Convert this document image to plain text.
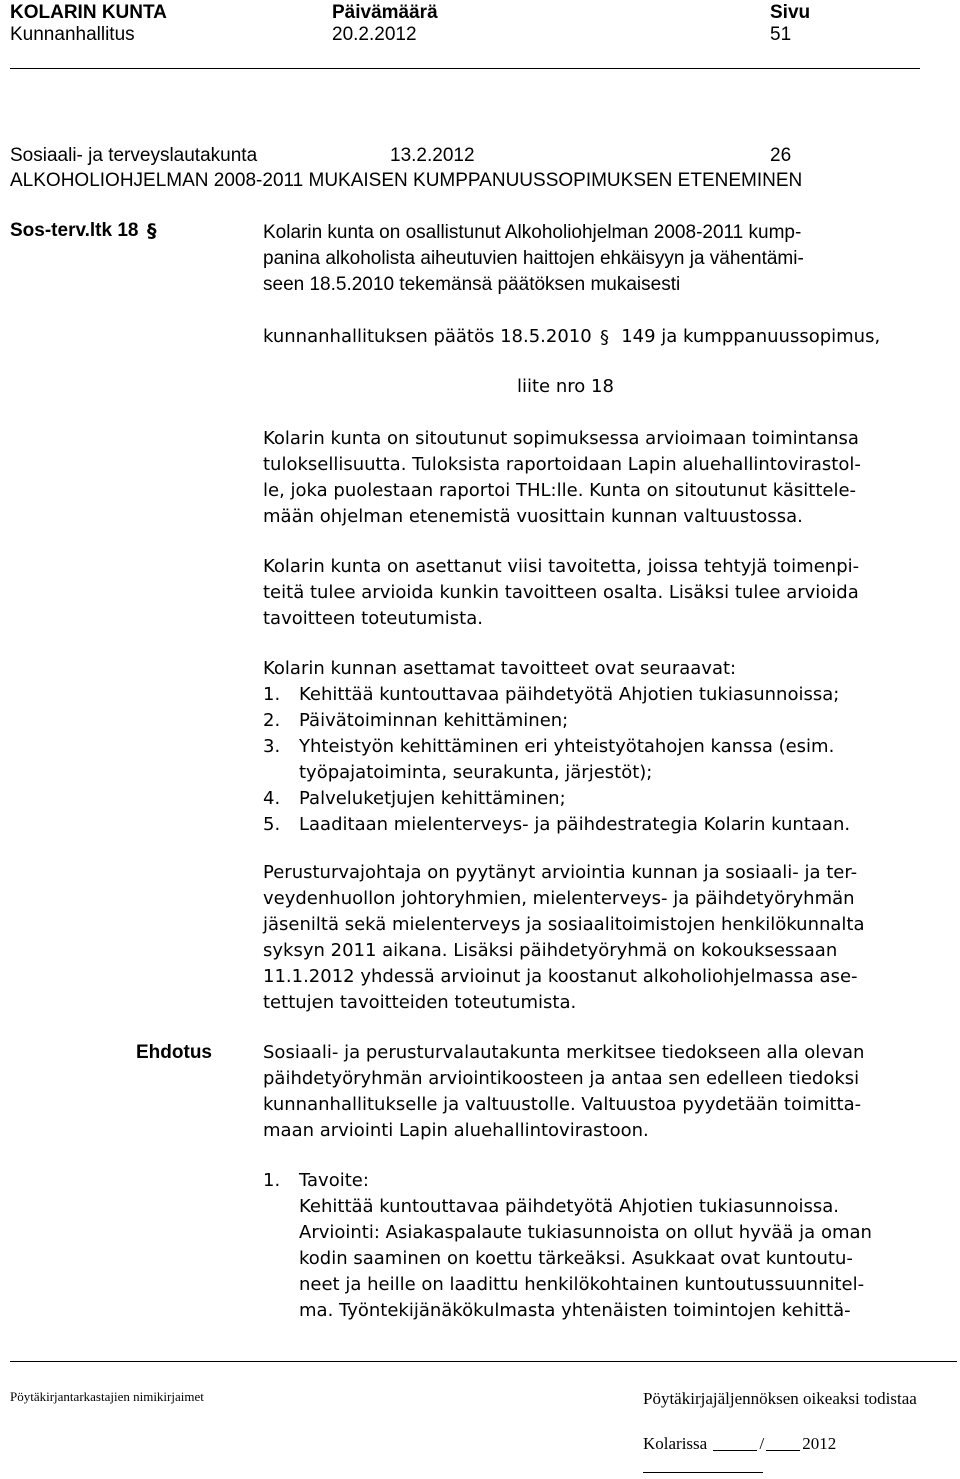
KOLARIN KUNTA	Päivämäärä	Sivu
Kunnanhallitus	20.2.2012	51
Sosiaali- ja terveyslautakunta	13.2.2012	26
ALKOHOLIOHJELMAN 2008-2011 MUKAISEN KUMPPANUUSSOPIMUKSEN ETENEMINEN
Sos-terv.ltk 18 §	Kolarin kunta on osallistunut Alkoholiohjelman 2008-2011 kump-
panina alkoholista aiheutuvien haittojen ehkäisyyn ja vähentämi-
seen 18.5.2010 tekemänsä päätöksen mukaisesti
kunnanhallituksen päätös 18.5.2010 § 149 ja kumppanuussopimus,
liite nro 18
Kolarin kunta on sitoutunut sopimuksessa arvioimaan toimintansa
tuloksellisuutta. Tuloksista raportoidaan Lapin aluehallintovirastol-
le, joka puolestaan raportoi THL:lle. Kunta on sitoutunut käsittele-
mään ohjelman etenemistä vuosittain kunnan valtuustossa.
Kolarin kunta on asettanut viisi tavoitetta, joissa tehtyjä toimenpi-
teitä tulee arvioida kunkin tavoitteen osalta. Lisäksi tulee arvioida
tavoitteen toteutumista.
Kolarin kunnan asettamat tavoitteet ovat seuraavat:
1. Kehittää kuntouttavaa päihdetyötä Ahjotien tukiasunnoissa;
2. Päivätoiminnan kehittäminen;
3. Yhteistyön kehittäminen eri yhteistyötahojen kanssa (esim.
työpajatoiminta, seurakunta, järjestöt);
4. Palveluketjujen kehittäminen;
5. Laaditaan mielenterveys- ja päihdestrategia Kolarin kuntaan.
Perusturvajohtaja on pyytänyt arviointia kunnan ja sosiaali- ja ter-
veydenhuollon johtoryhmien, mielenterveys- ja päihdetyöryhmän
jäseniltä sekä mielenterveys ja sosiaalitoimistojen henkilökunnalta
syksyn 2011 aikana. Lisäksi päihdetyöryhmä on kokouksessaan
11.1.2012 yhdessä arvioinut ja koostanut alkoholiohjelmassa ase-
tettujen tavoitteiden toteutumista.
Ehdotus	Sosiaali- ja perusturvalautakunta merkitsee tiedokseen alla olevan
päihdetyöryhmän arviointikoosteen ja antaa sen edelleen tiedoksi
kunnanhallitukselle ja valtuustolle. Valtuustoa pyydetään toimitta-
maan arviointi Lapin aluehallintovirastoon.
1. Tavoite:
Kehittää kuntouttavaa päihdetyötä Ahjotien tukiasunnoissa.
Arviointi: Asiakaspalaute tukiasunnoista on ollut hyvää ja oman
kodin saaminen on koettu tärkeäksi. Asukkaat ovat kuntoutu-
neet ja heille on laadittu henkilökohtainen kuntoutussuunnitel-
ma. Työntekijänäkökulmasta yhtenäisten toimintojen kehittä-
Pöytäkirjantarkastajien nimikirjaimet	Pöytäkirjajäljennöksen oikeaksi todistaa
Kolarissa	/ 2012
